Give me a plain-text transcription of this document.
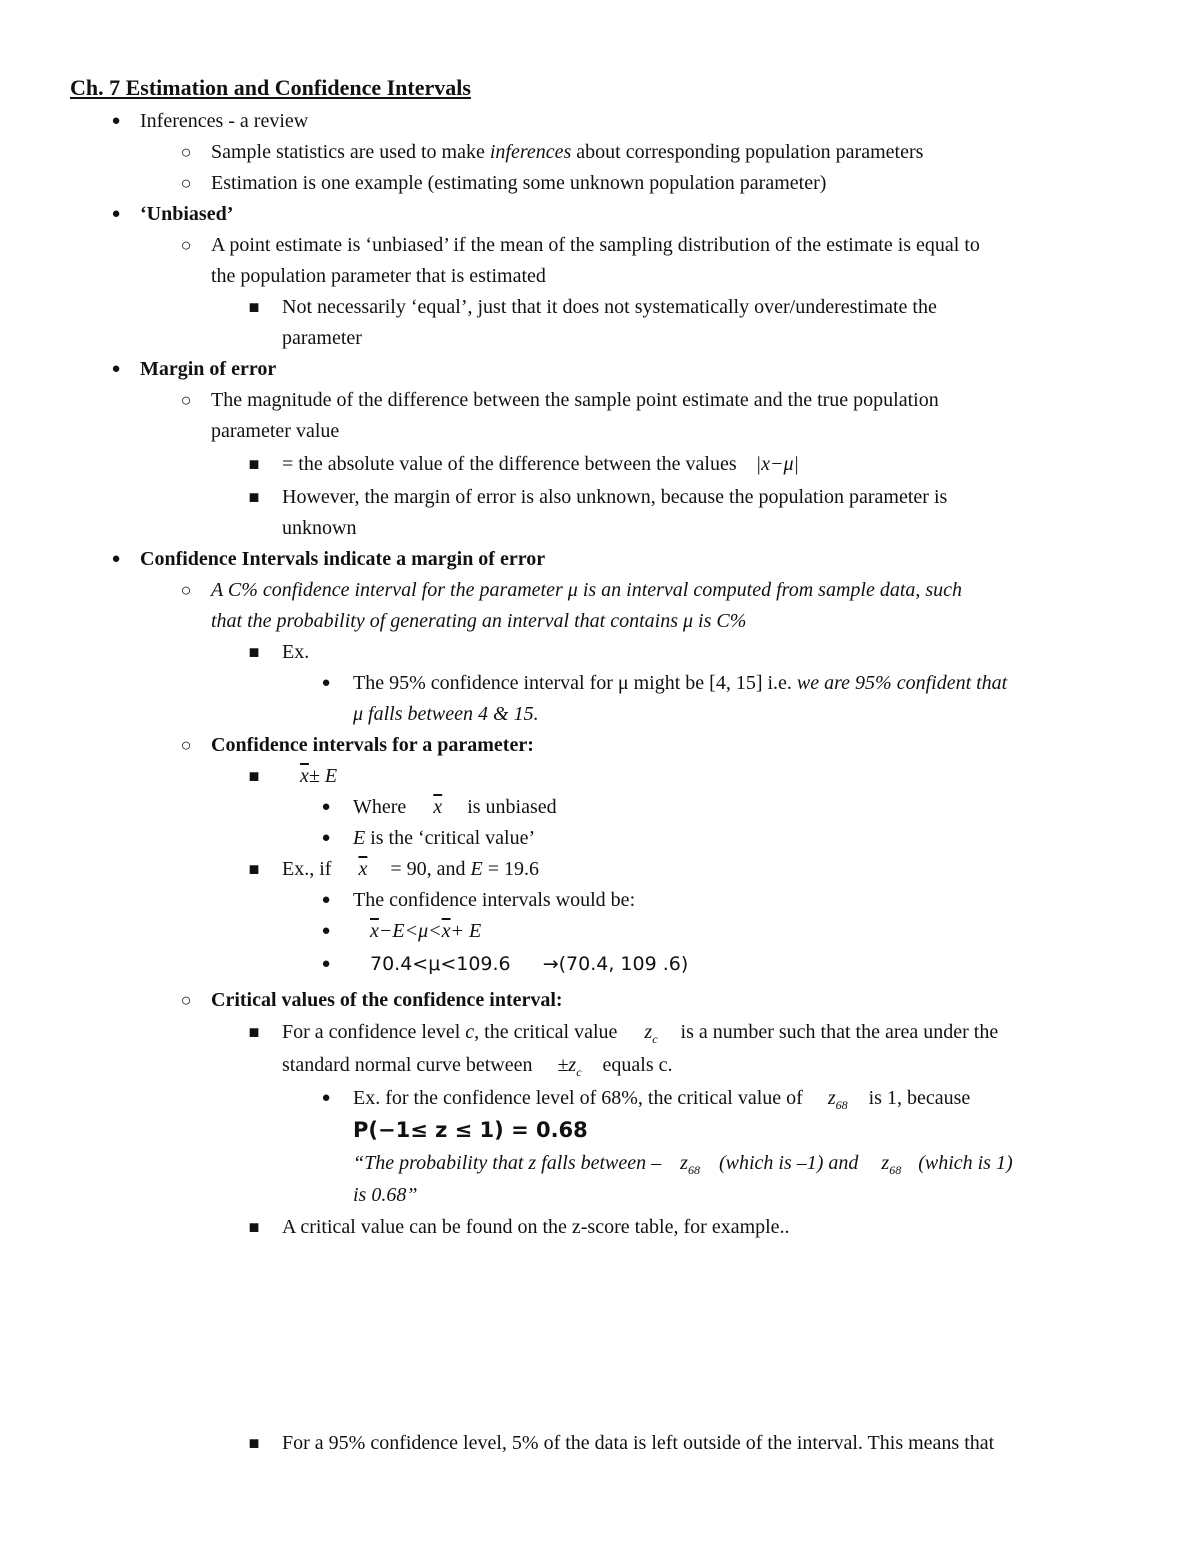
Ch. 7 Estimation and Confidence Intervals
● Inferences - a review
○ Sample statistics are used to make inferences about corresponding population parameters
○ Estimation is one example (estimating some unknown population parameter)
● ‘Unbiased’
○ A point estimate is ‘unbiased’ if the mean of the sampling distribution of the estimate is equal to
the population parameter that is estimated
■ Not necessarily ‘equal’, just that it does not systematically over/underestimate the
parameter
● Margin of error
○ The magnitude of the difference between the sample point estimate and the true population
parameter value
■ = the absolute value of the difference between the values |x−μ|
■ However, the margin of error is also unknown, because the population parameter is
unknown
● Confidence Intervals indicate a margin of error
○ A C% confidence interval for the parameter μ is an interval computed from sample data, such
that the probability of generating an interval that contains μ is C%
■ Ex.
● The 95% confidence interval for μ might be [4, 15] i.e. we are 95% confident that
μ falls between 4 & 15.
○ Confidence intervals for a parameter:
■ $\overline{x}\pm E$
● Where $\overline{x}$ is unbiased
● E is the ‘critical value’
■ Ex., if $\overline{x} = 90$, and E = 19.6
● The confidence intervals would be:
● $\overline{x}-E<\mu<\overline{x}+ E$
● 70.4<μ<109.6 →(70.4, 109 .6)
○ Critical values of the confidence interval:
■ For a confidence level c, the critical value $z_c$ is a number such that the area under the
standard normal curve between $\pm z_c$ equals c.
● Ex. for the confidence level of 68%, the critical value of $z_{68}$ is 1, because
P(−1≤ z ≤ 1) = 0.68
“The probability that z falls between – $z_{68}$ (which is –1) and $z_{68}$ (which is 1)
is 0.68”
■ A critical value can be found on the z-score table, for example..
■ For a 95% confidence level, 5% of the data is left outside of the interval. This means that
